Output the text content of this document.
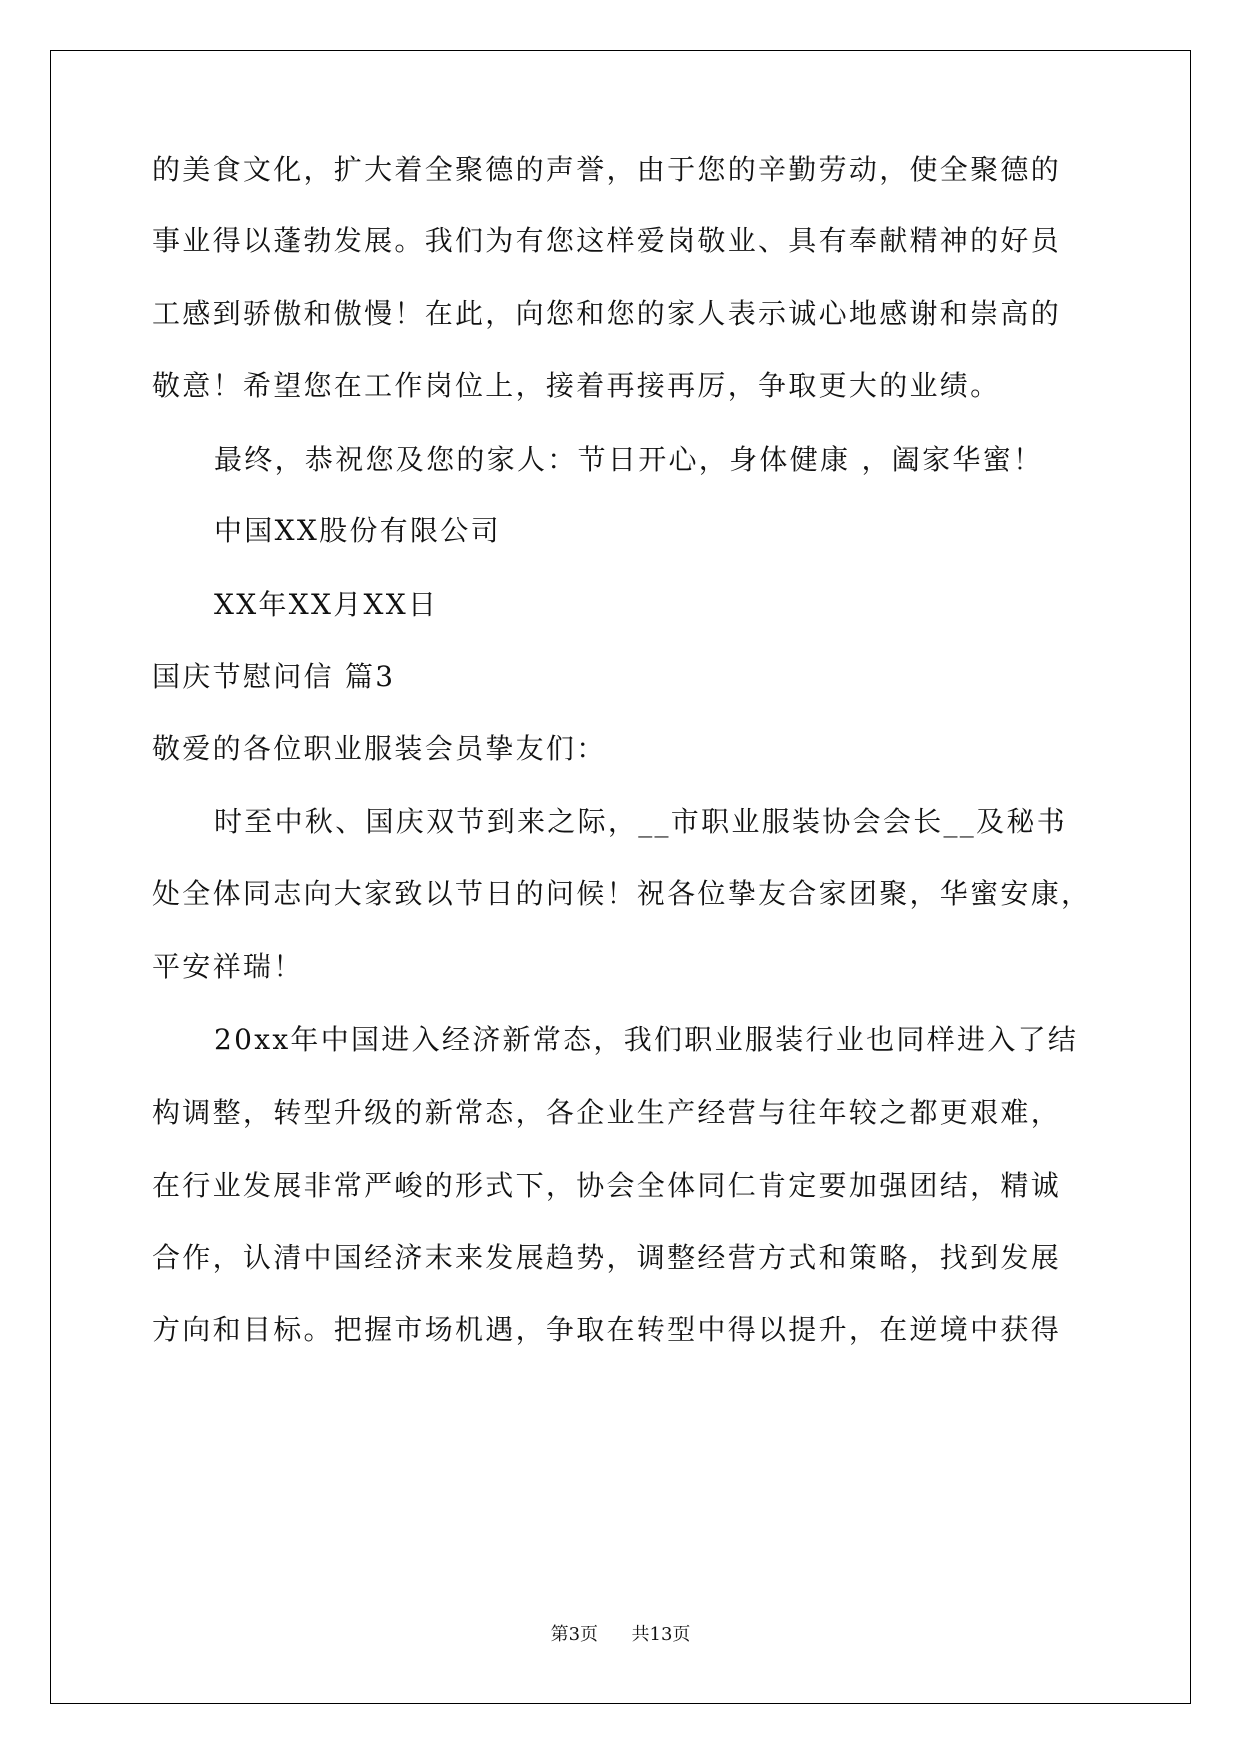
的美食文化，扩大着全聚德的声誉，由于您的辛勤劳动，使全聚德的
事业得以蓬勃发展。我们为有您这样爱岗敬业、具有奉献精神的好员
工感到骄傲和傲慢！在此，向您和您的家人表示诚心地感谢和崇高的
敬意！希望您在工作岗位上，接着再接再厉，争取更大的业绩。
最终，恭祝您及您的家人：节日开心，身体健康 ，阖家华蜜！
中国XX股份有限公司
XX年XX月XX日
国庆节慰问信 篇3
敬爱的各位职业服装会员挚友们：
时至中秋、国庆双节到来之际，__市职业服装协会会长__及秘书
处全体同志向大家致以节日的问候！祝各位挚友合家团聚，华蜜安康，
平安祥瑞！
20xx年中国进入经济新常态，我们职业服装行业也同样进入了结
构调整，转型升级的新常态，各企业生产经营与往年较之都更艰难，
在行业发展非常严峻的形式下，协会全体同仁肯定要加强团结，精诚
合作，认清中国经济末来发展趋势，调整经营方式和策略，找到发展
方向和目标。把握市场机遇，争取在转型中得以提升，在逆境中获得
第3页 共13页
